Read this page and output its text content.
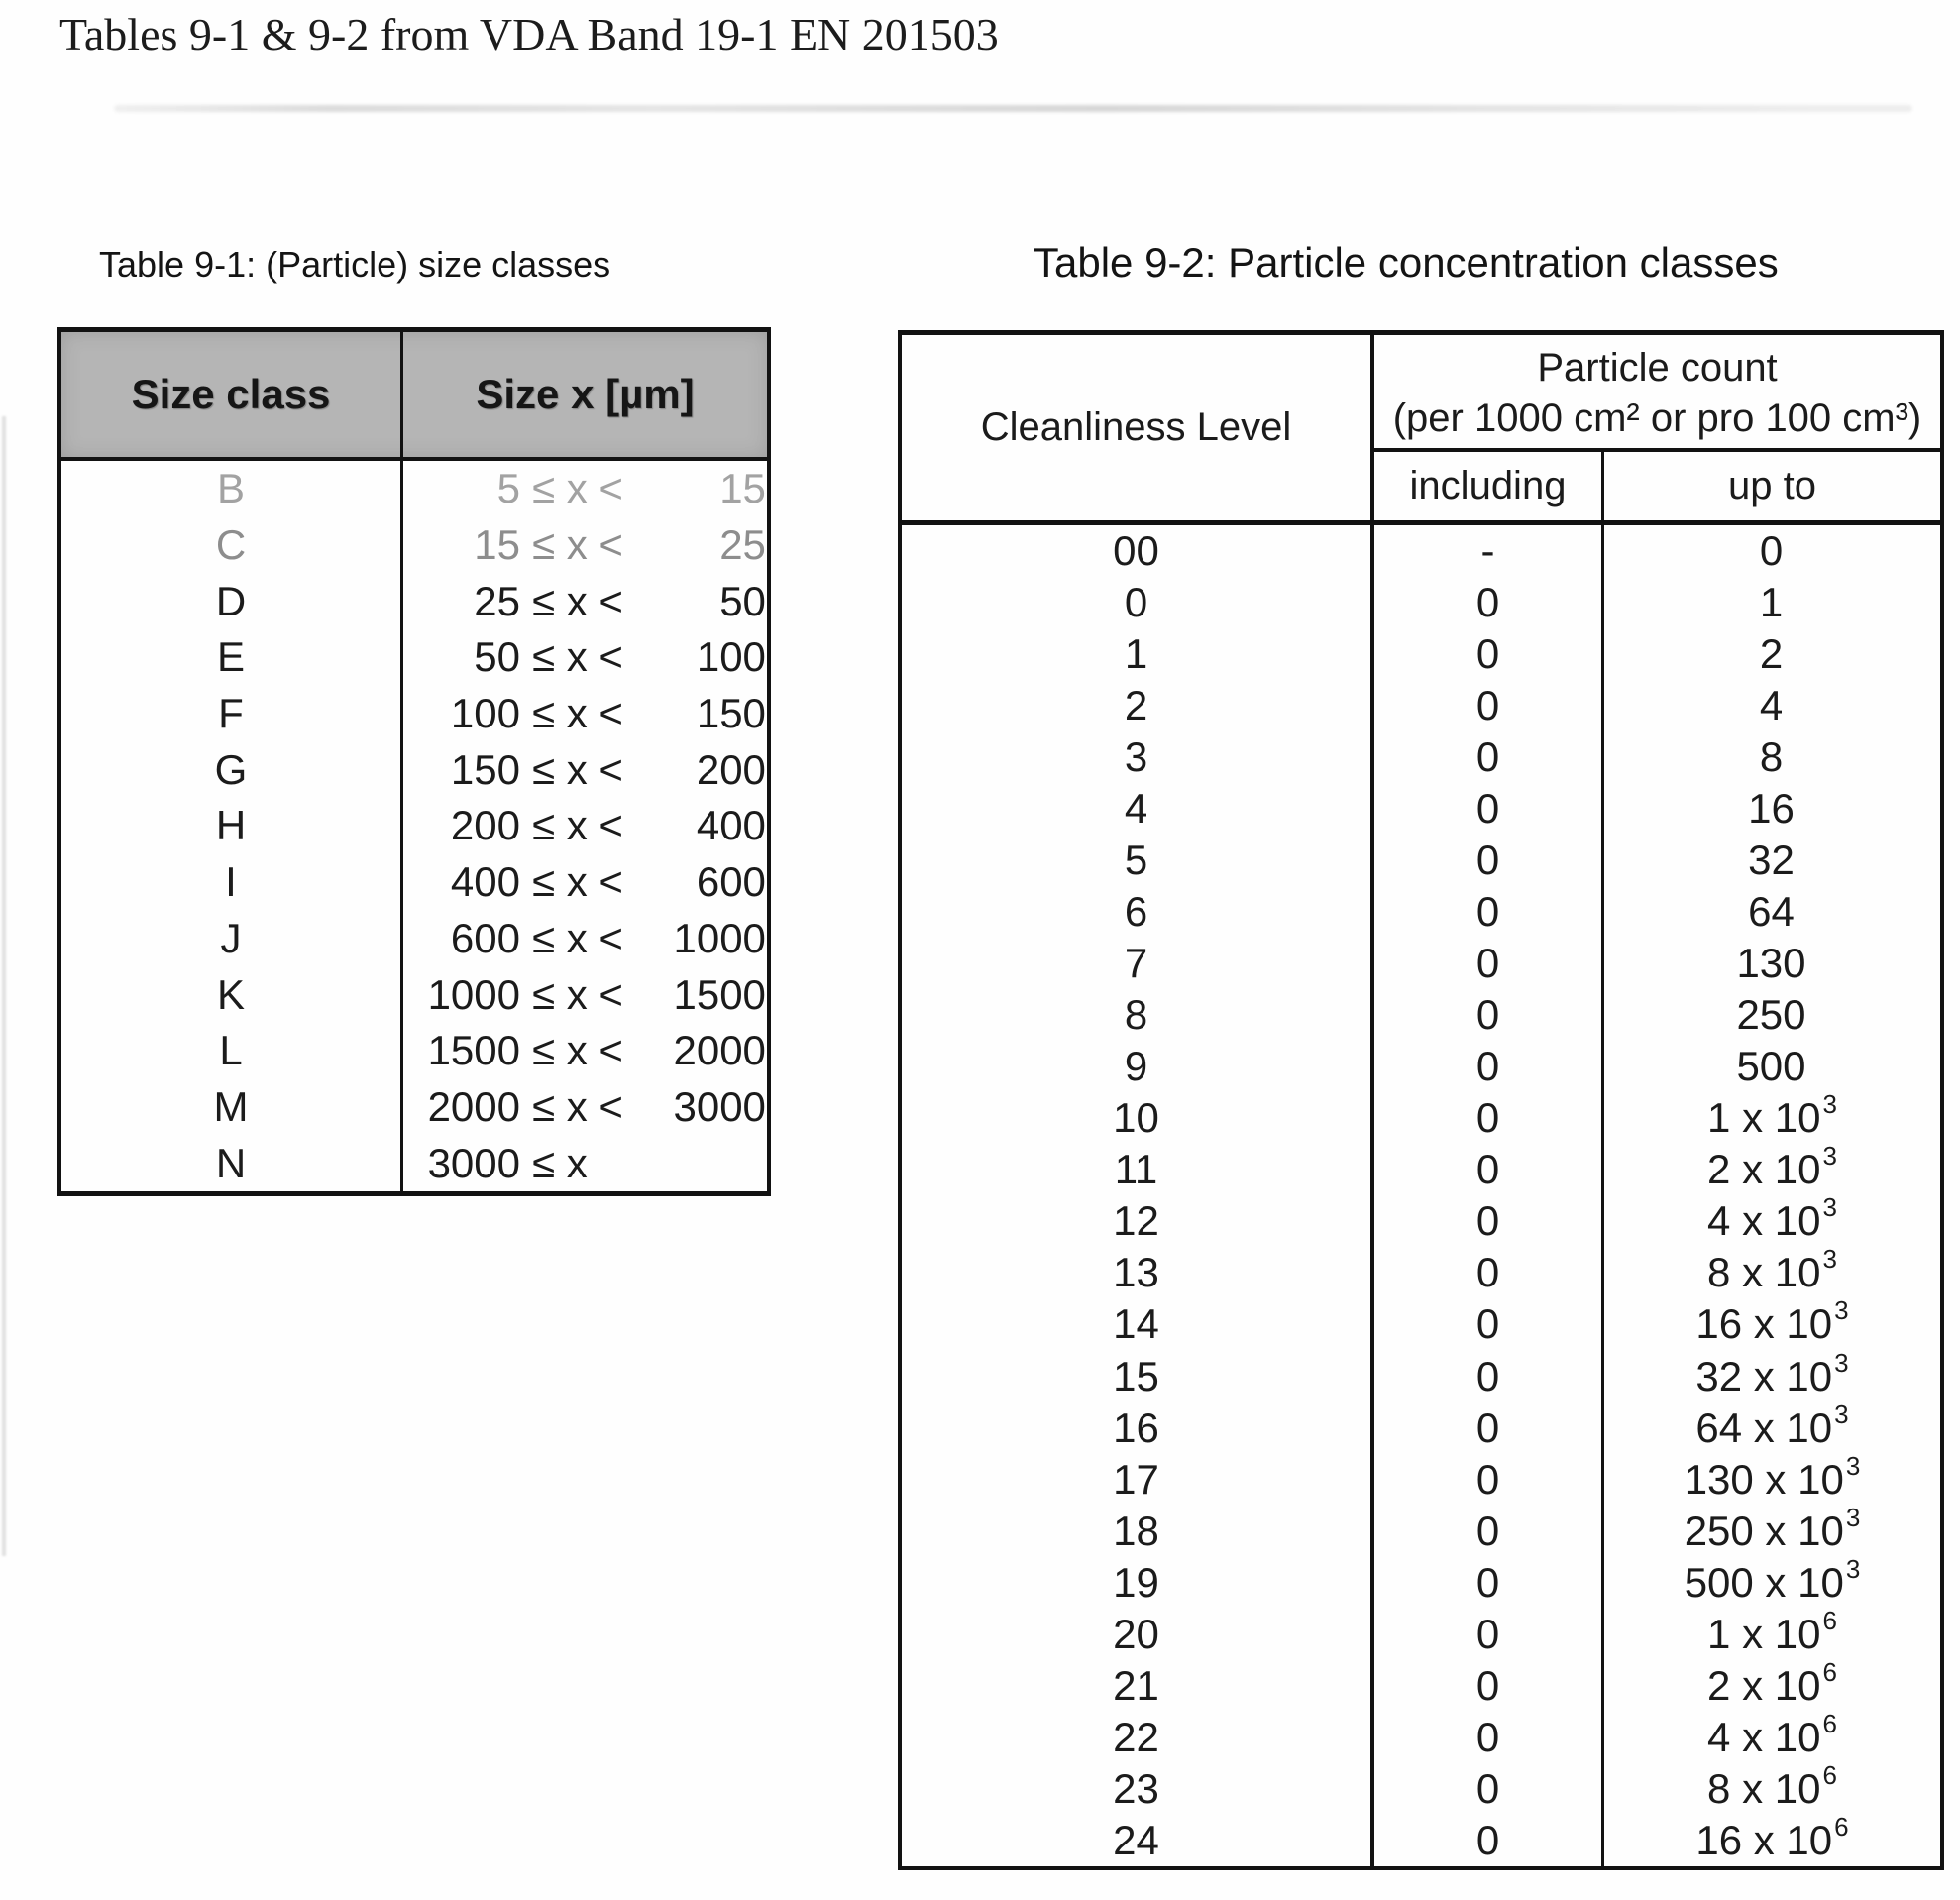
Tables 9-1 & 9-2 from VDA Band 19-1 EN 201503
Table 9-1: (Particle) size classes	Table 9-2: Particle concentration classes
Size class	Size x [µm]
B	5 ≤ x <	15
C	15 ≤ x <	25
D	25 ≤ x <	50
E	50 ≤ x <	100
F	100 ≤ x <	150
G	150 ≤ x <	200
H	200 ≤ x <	400
I	400 ≤ x <	600
J	600 ≤ x <	1000
K	1000 ≤ x <	1500
L	1500 ≤ x <	2000
M	2000 ≤ x <	3000
N	3000 ≤ x
Cleanliness Level
Particle count
(per 1000 cm² or pro 100 cm³)
including	up to
00	-	0
0	0	1
1	0	2
2	0	4
3	0	8
4	0	16
5	0	32
6	0	64
7	0	130
8	0	250
9	0	500
10	0	1 x $10^3$
11	0	2 x $10^3$
12	0	4 x $10^3$
13	0	8 x $10^3$
14	0	16 x $10^3$
15	0	32 x $10^3$
16	0	64 x $10^3$
17	0	130 x $10^3$
18	0	250 x $10^3$
19	0	500 x $10^3$
20	0	1 x $10^6$
21	0	2 x $10^6$
22	0	4 x $10^6$
23	0	8 x $10^6$
24	0	16 x $10^6$
